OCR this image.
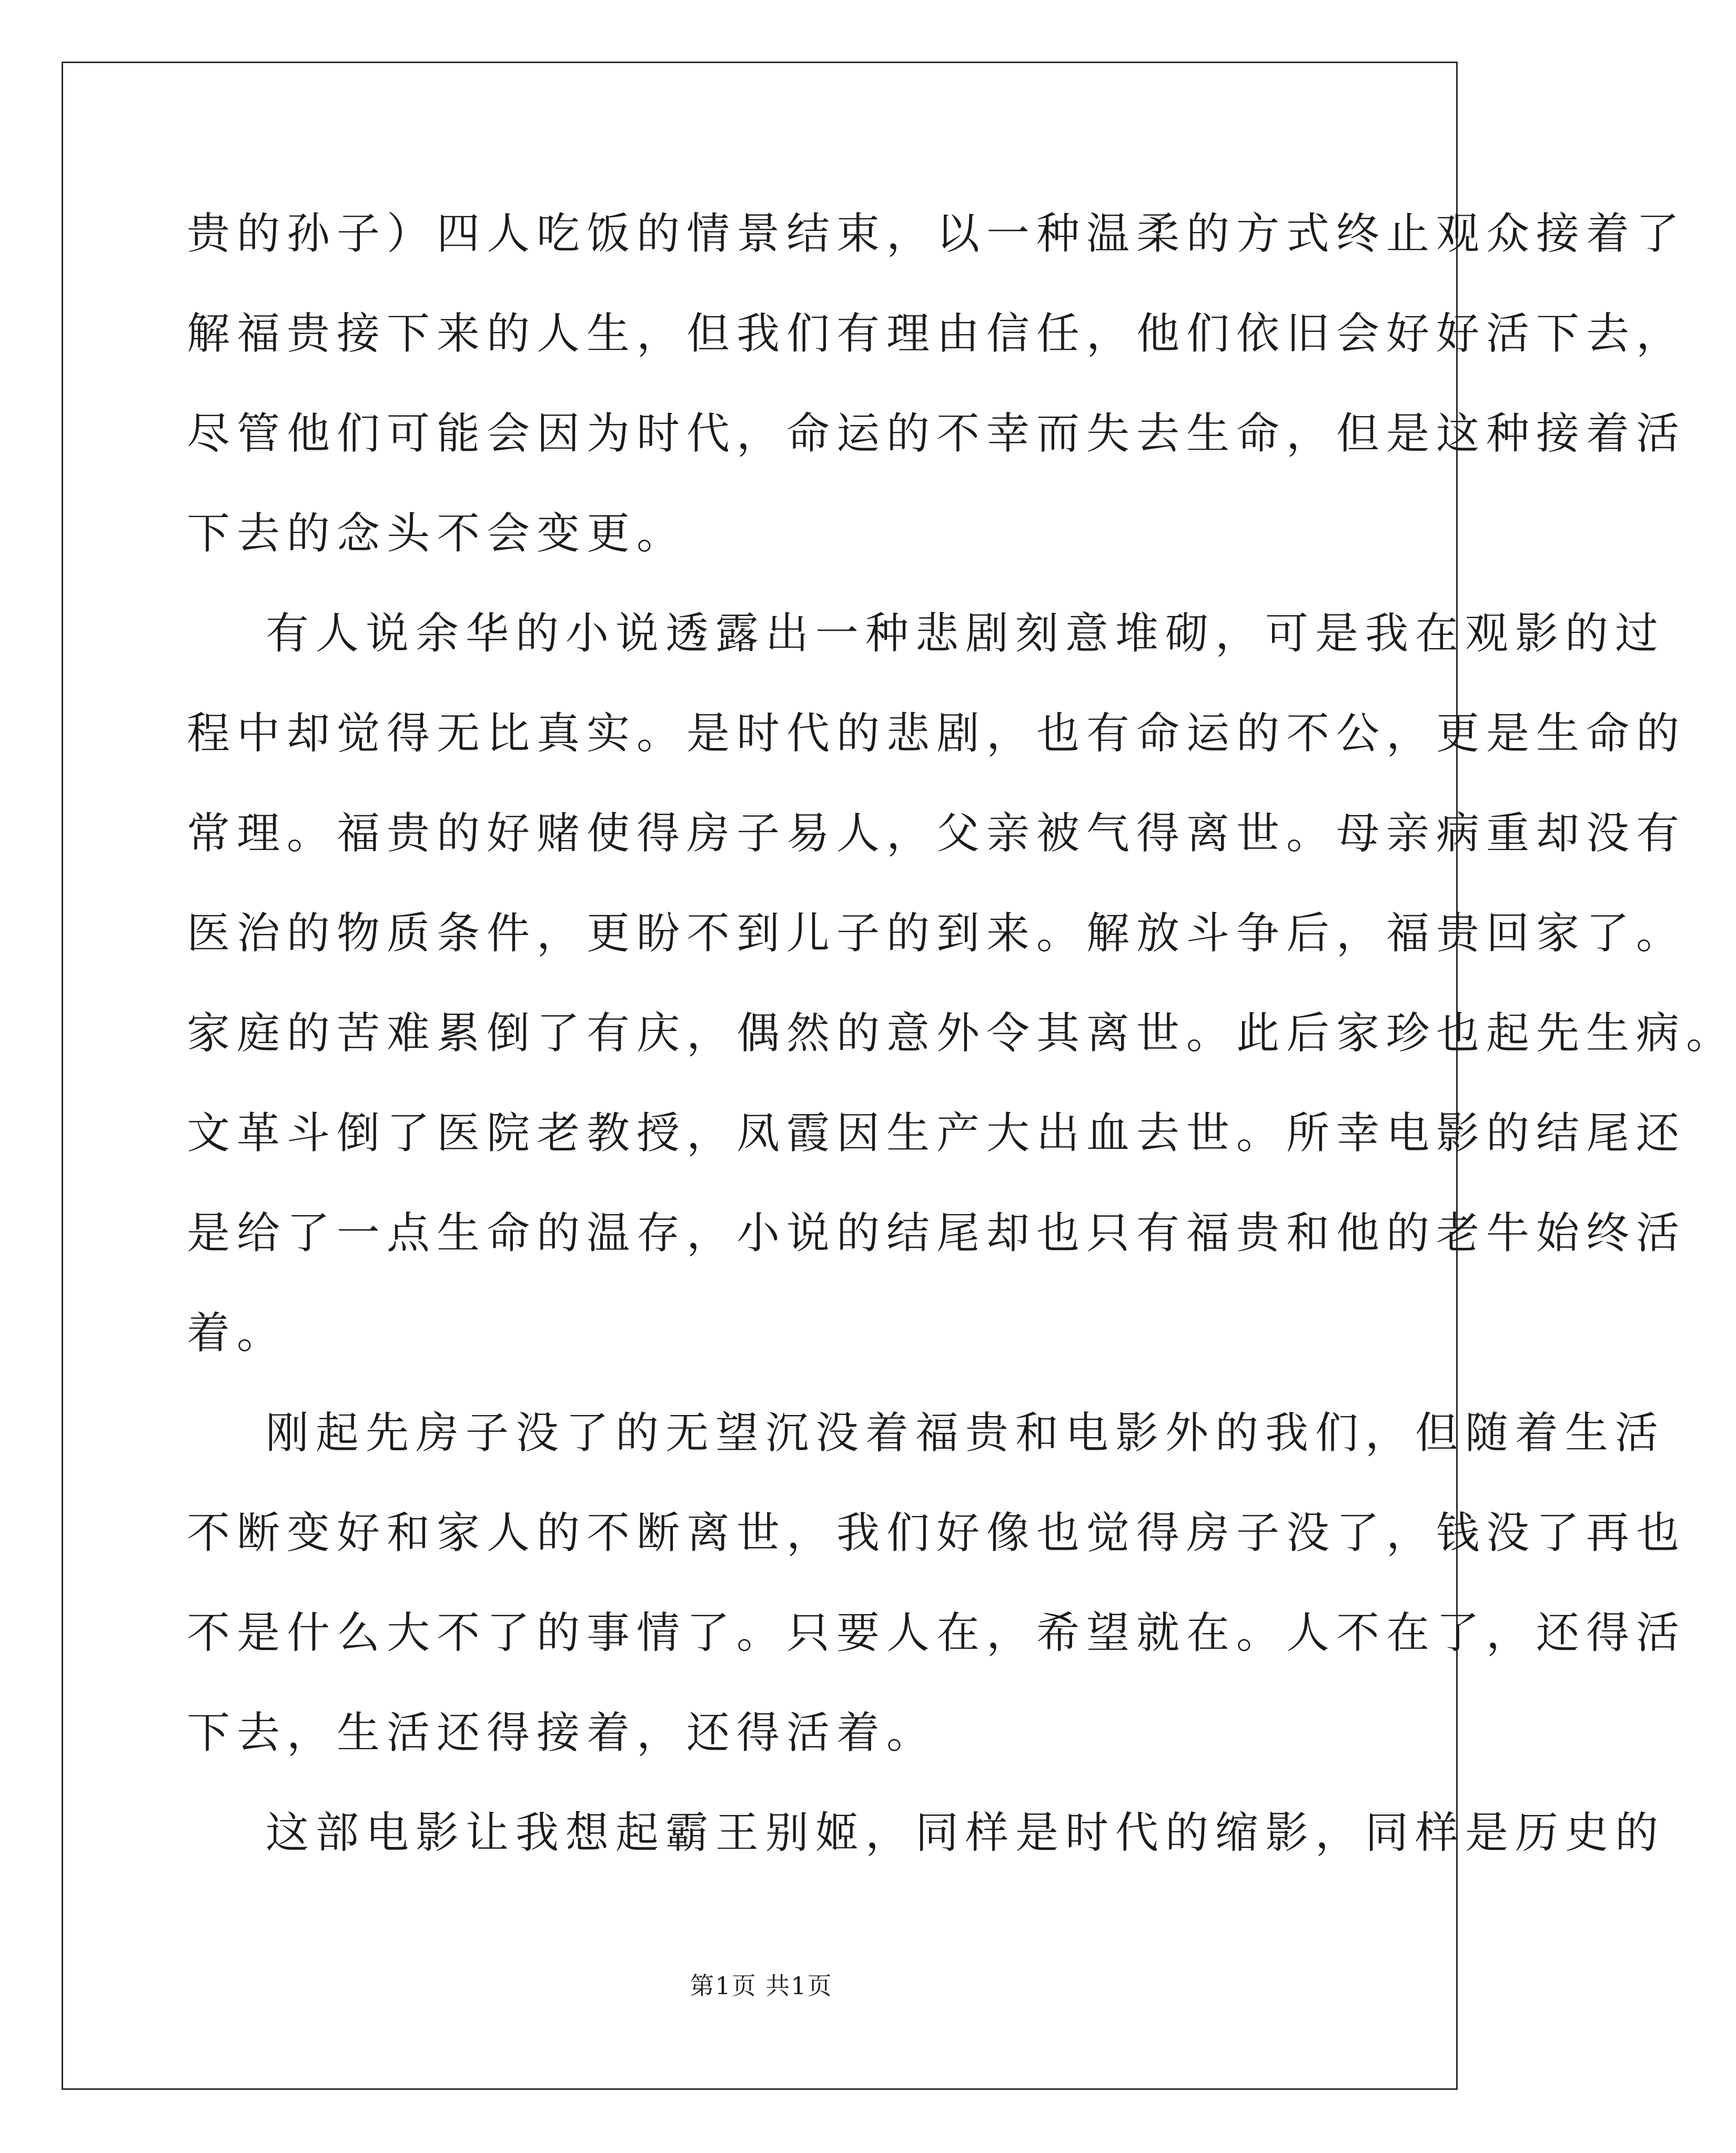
贵的孙子）四人吃饭的情景结束，以一种温柔的方式终止观众接着了
解福贵接下来的人生，但我们有理由信任，他们依旧会好好活下去，
尽管他们可能会因为时代，命运的不幸而失去生命，但是这种接着活
下去的念头不会变更。
有人说余华的小说透露出一种悲剧刻意堆砌，可是我在观影的过
程中却觉得无比真实。是时代的悲剧，也有命运的不公，更是生命的
常理。福贵的好赌使得房子易人，父亲被气得离世。母亲病重却没有
医治的物质条件，更盼不到儿子的到来。解放斗争后，福贵回家了。
家庭的苦难累倒了有庆，偶然的意外令其离世。此后家珍也起先生病。
文革斗倒了医院老教授，凤霞因生产大出血去世。所幸电影的结尾还
是给了一点生命的温存，小说的结尾却也只有福贵和他的老牛始终活
着。
刚起先房子没了的无望沉没着福贵和电影外的我们，但随着生活
不断变好和家人的不断离世，我们好像也觉得房子没了，钱没了再也
不是什么大不了的事情了。只要人在，希望就在。人不在了，还得活
下去，生活还得接着，还得活着。
这部电影让我想起霸王别姬，同样是时代的缩影，同样是历史的
第1页 共1页
